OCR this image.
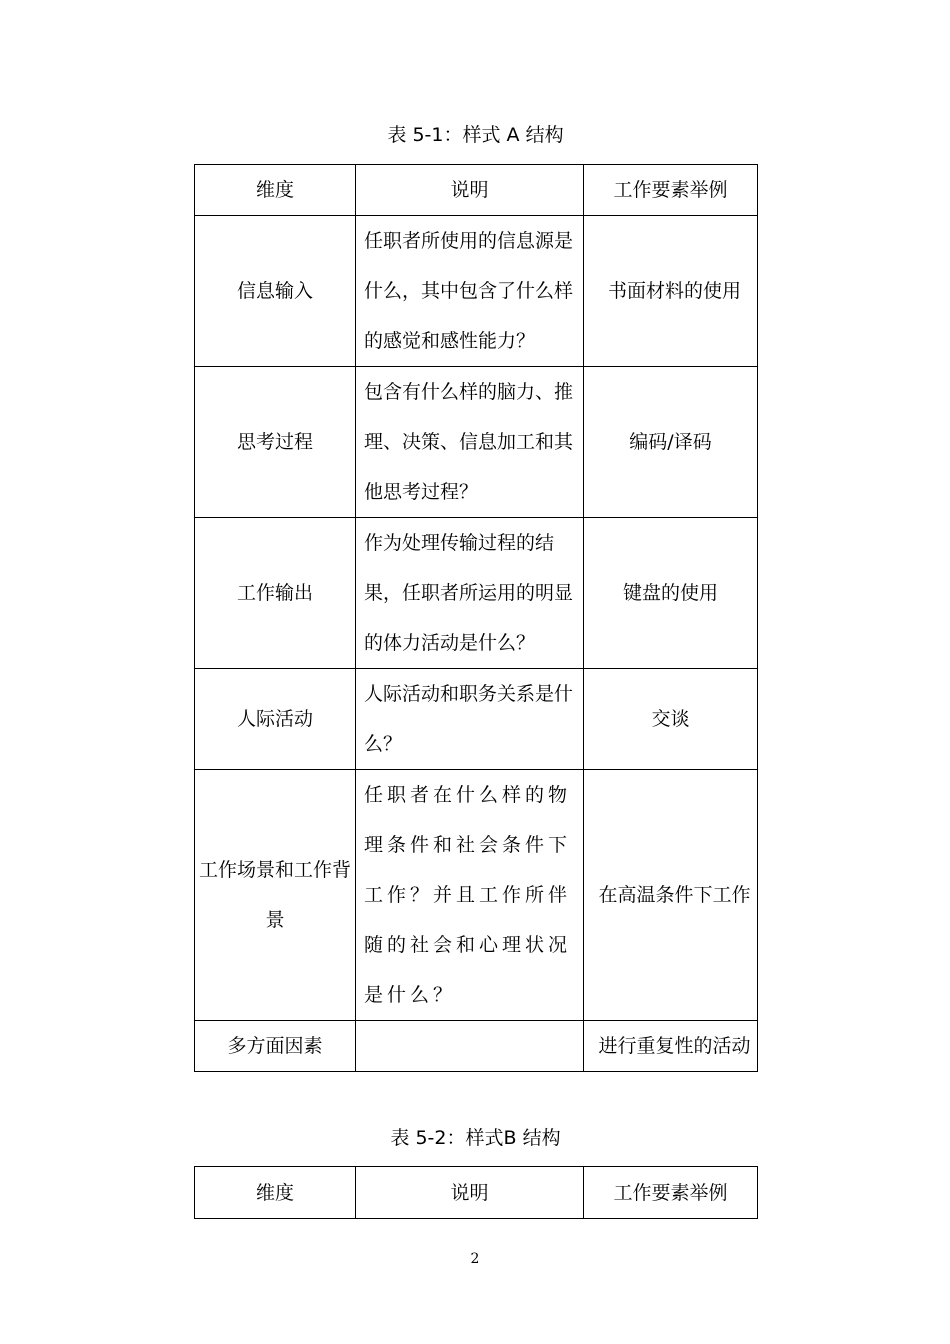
表 5-1：样式 A 结构
维度	说明	工作要素举例
信息输入	任职者所使用的信息源是什么，其中包含了什么样的感觉和感性能力？	书面材料的使用
思考过程	包含有什么样的脑力、推理、决策、信息加工和其他思考过程？	编码/译码
工作输出	作为处理传输过程的结果，任职者所运用的明显的体力活动是什么？	键盘的使用
人际活动	人际活动和职务关系是什么？	交谈
工作场景和工作背景	任职者在什么样的物理条件和社会条件下工作？并且工作所伴随的社会和心理状况是什么？	在高温条件下工作
多方面因素		进行重复性的活动
表 5-2：样式B 结构
维度	说明	工作要素举例
2
